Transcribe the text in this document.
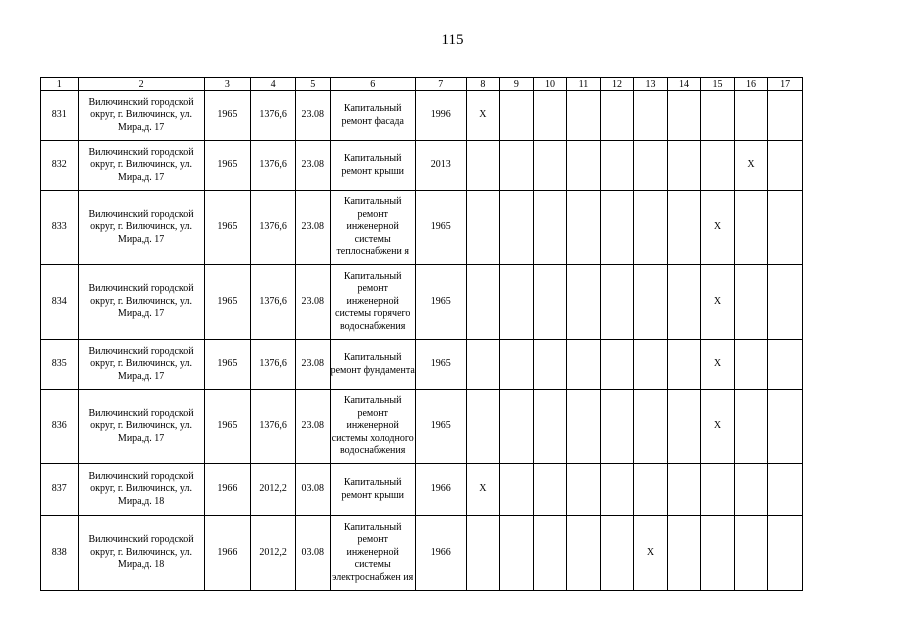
115
1	2	3	4	5	6	7	8	9	10	11	12	13	14	15	16	17
831	Вилючинский городской округ, г. Вилючинск, ул. Мира,д. 17	1965	1376,6	23.08	Капитальный ремонт фасада	1996	X									
832	Вилючинский городской округ, г. Вилючинск, ул. Мира,д. 17	1965	1376,6	23.08	Капитальный ремонт крыши	2013									X	
833	Вилючинский городской округ, г. Вилючинск, ул. Мира,д. 17	1965	1376,6	23.08	Капитальный ремонт инженерной системы теплоснабжени я	1965								X		
834	Вилючинский городской округ, г. Вилючинск, ул. Мира,д. 17	1965	1376,6	23.08	Капитальный ремонт инженерной системы горячего водоснабжения	1965								X		
835	Вилючинский городской округ, г. Вилючинск, ул. Мира,д. 17	1965	1376,6	23.08	Капитальный ремонт фундамента	1965								X		
836	Вилючинский городской округ, г. Вилючинск, ул. Мира,д. 17	1965	1376,6	23.08	Капитальный ремонт инженерной системы холодного водоснабжения	1965								X		
837	Вилючинский городской округ, г. Вилючинск, ул. Мира,д. 18	1966	2012,2	03.08	Капитальный ремонт крыши	1966	X									
838	Вилючинский городской округ, г. Вилючинск, ул. Мира,д. 18	1966	2012,2	03.08	Капитальный ремонт инженерной системы электроснабжен ия	1966						X				
